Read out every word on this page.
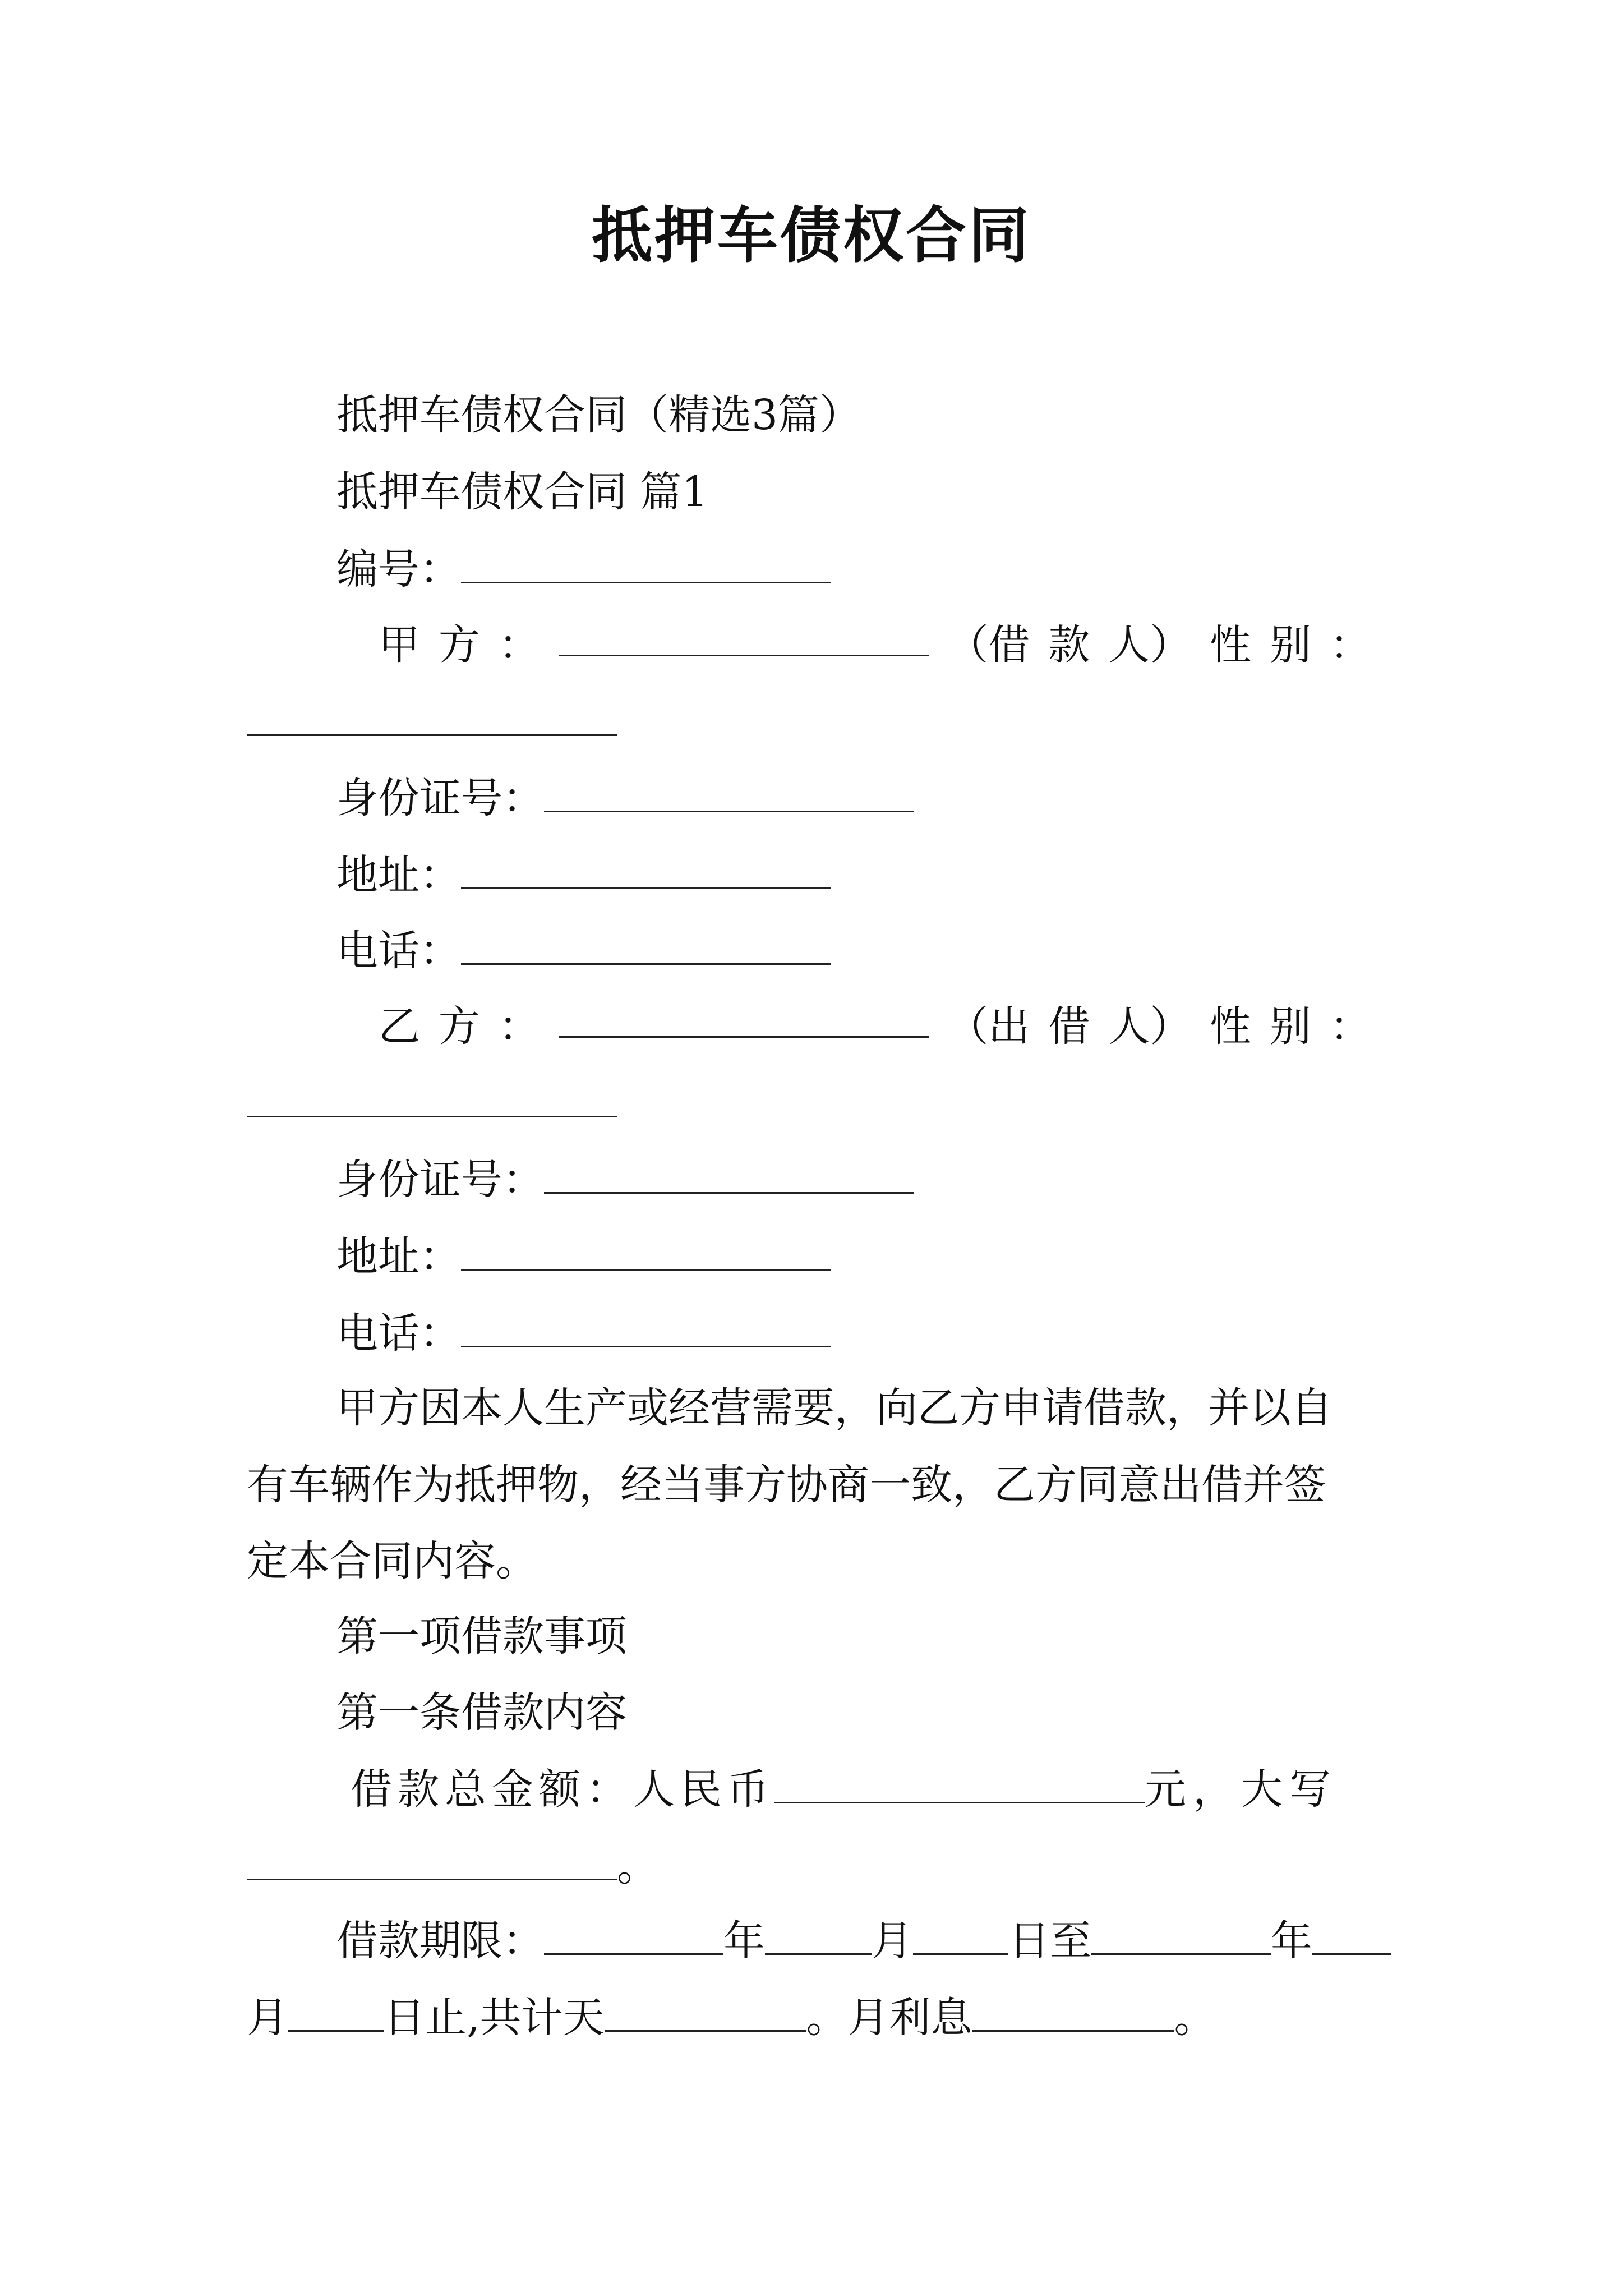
抵押车债权合同
抵押车债权合同（精选3篇）
抵押车债权合同 篇1
编号：
甲 方 ：	（借 款 人） 性 别 ：
身份证号：
地址：
电话：
乙 方 ：	（出 借 人） 性 别 ：
身份证号：
地址：
电话：
甲方因本人生产或经营需要，向乙方申请借款，并以自
有车辆作为抵押物，经当事方协商一致，乙方同意出借并签
定本合同内容。
第一项借款事项
第一条借款内容
借款总金额：人民币	元，大写
。
借款期限：	年	月 日至	年
月 日止,共计天	。月利息	。
